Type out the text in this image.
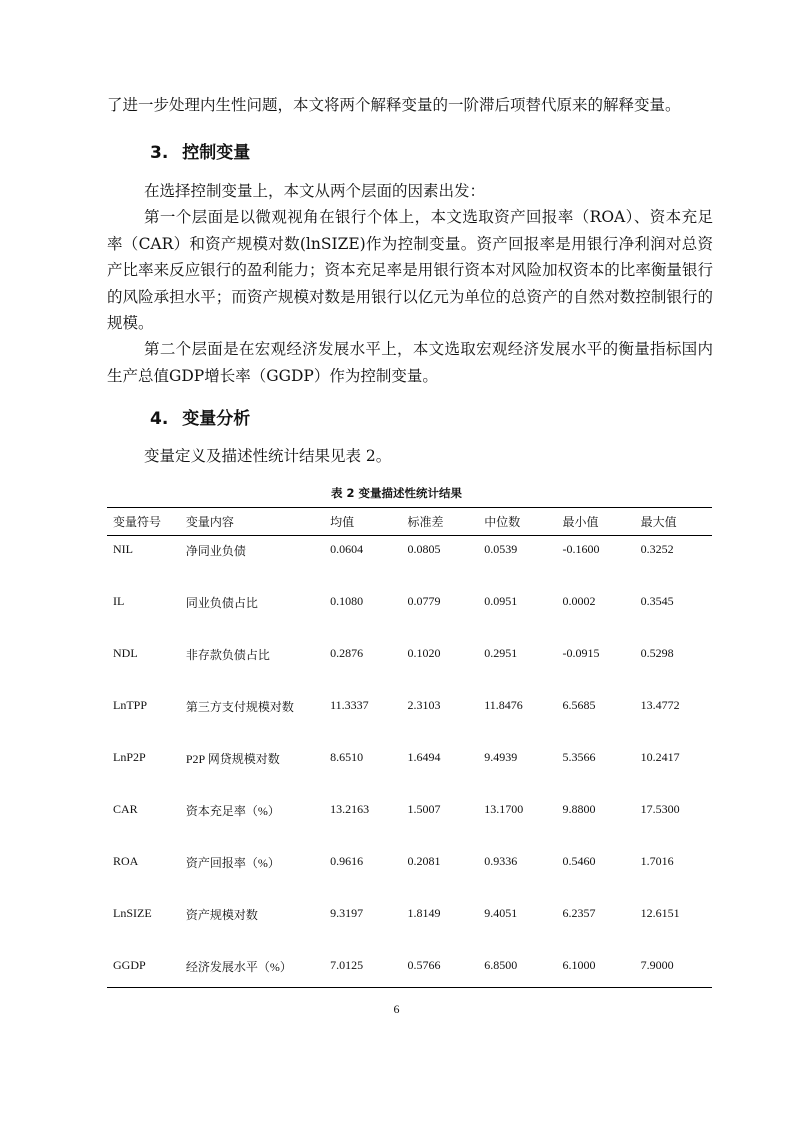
了进一步处理内生性问题，本文将两个解释变量的一阶滞后项替代原来的解释变量。

3. 控制变量

在选择控制变量上，本文从两个层面的因素出发：

第一个层面是以微观视角在银行个体上，本文选取资产回报率（ROA）、资本充足率（CAR）和资产规模对数(lnSIZE)作为控制变量。资产回报率是用银行净利润对总资产比率来反应银行的盈利能力；资本充足率是用银行资本对风险加权资本的比率衡量银行的风险承担水平；而资产规模对数是用银行以亿元为单位的总资产的自然对数控制银行的规模。

第二个层面是在宏观经济发展水平上，本文选取宏观经济发展水平的衡量指标国内生产总值GDP增长率（GGDP）作为控制变量。

4. 变量分析

变量定义及描述性统计结果见表 2。

表 2 变量描述性统计结果
变量符号	变量内容	均值	标准差	中位数	最小值	最大值
NIL	净同业负债	0.0604	0.0805	0.0539	-0.1600	0.3252
IL	同业负债占比	0.1080	0.0779	0.0951	0.0002	0.3545
NDL	非存款负债占比	0.2876	0.1020	0.2951	-0.0915	0.5298
LnTPP	第三方支付规模对数	11.3337	2.3103	11.8476	6.5685	13.4772
LnP2P	P2P 网贷规模对数	8.6510	1.6494	9.4939	5.3566	10.2417
CAR	资本充足率（%）	13.2163	1.5007	13.1700	9.8800	17.5300
ROA	资产回报率（%）	0.9616	0.2081	0.9336	0.5460	1.7016
LnSIZE	资产规模对数	9.3197	1.8149	9.4051	6.2357	12.6151
GGDP	经济发展水平（%）	7.0125	0.5766	6.8500	6.1000	7.9000
6
